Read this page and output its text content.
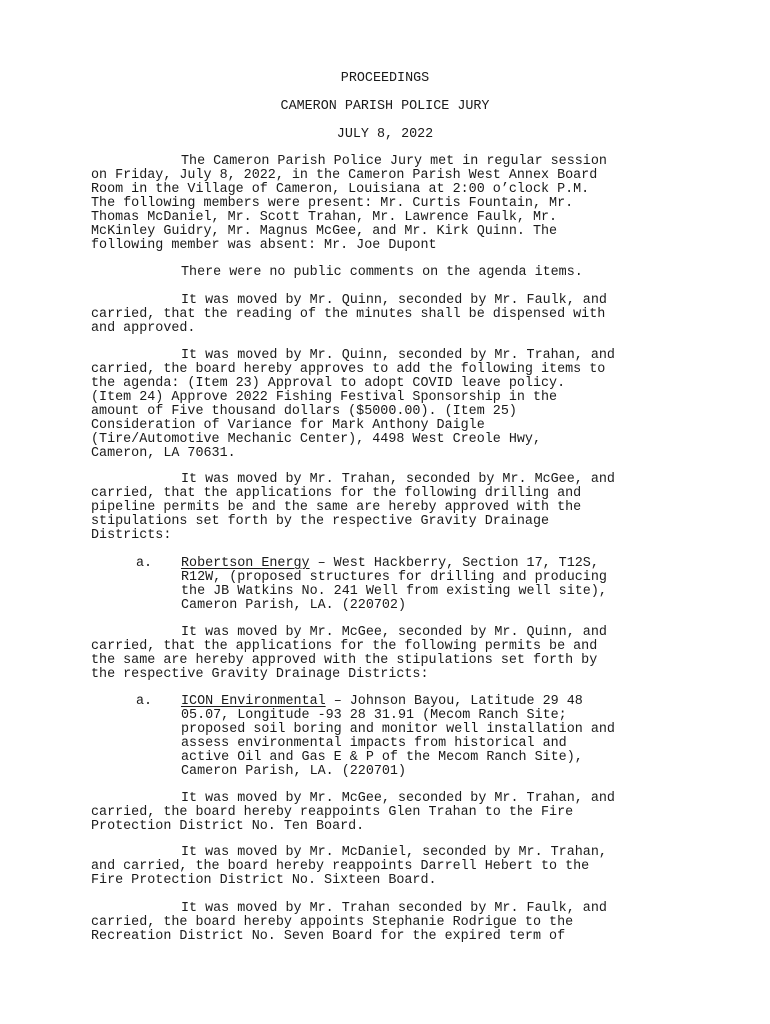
PROCEEDINGS
CAMERON PARISH POLICE JURY
JULY 8, 2022
The Cameron Parish Police Jury met in regular session
on Friday, July 8, 2022, in the Cameron Parish West Annex Board
Room in the Village of Cameron, Louisiana at 2:00 o’clock P.M.
The following members were present: Mr. Curtis Fountain, Mr.
Thomas McDaniel, Mr. Scott Trahan, Mr. Lawrence Faulk, Mr.
McKinley Guidry, Mr. Magnus McGee, and Mr. Kirk Quinn. The
following member was absent: Mr. Joe Dupont
There were no public comments on the agenda items.
It was moved by Mr. Quinn, seconded by Mr. Faulk, and
carried, that the reading of the minutes shall be dispensed with
and approved.
It was moved by Mr. Quinn, seconded by Mr. Trahan, and
carried, the board hereby approves to add the following items to
the agenda: (Item 23) Approval to adopt COVID leave policy.
(Item 24) Approve 2022 Fishing Festival Sponsorship in the
amount of Five thousand dollars ($5000.00). (Item 25)
Consideration of Variance for Mark Anthony Daigle
(Tire/Automotive Mechanic Center), 4498 West Creole Hwy,
Cameron, LA 70631.
It was moved by Mr. Trahan, seconded by Mr. McGee, and
carried, that the applications for the following drilling and
pipeline permits be and the same are hereby approved with the
stipulations set forth by the respective Gravity Drainage
Districts:
a. Robertson Energy – West Hackberry, Section 17, T12S,
R12W, (proposed structures for drilling and producing
the JB Watkins No. 241 Well from existing well site),
Cameron Parish, LA. (220702)
It was moved by Mr. McGee, seconded by Mr. Quinn, and
carried, that the applications for the following permits be and
the same are hereby approved with the stipulations set forth by
the respective Gravity Drainage Districts:
a. ICON Environmental – Johnson Bayou, Latitude 29 48
05.07, Longitude -93 28 31.91 (Mecom Ranch Site;
proposed soil boring and monitor well installation and
assess environmental impacts from historical and
active Oil and Gas E & P of the Mecom Ranch Site),
Cameron Parish, LA. (220701)
It was moved by Mr. McGee, seconded by Mr. Trahan, and
carried, the board hereby reappoints Glen Trahan to the Fire
Protection District No. Ten Board.
It was moved by Mr. McDaniel, seconded by Mr. Trahan,
and carried, the board hereby reappoints Darrell Hebert to the
Fire Protection District No. Sixteen Board.
It was moved by Mr. Trahan seconded by Mr. Faulk, and
carried, the board hereby appoints Stephanie Rodrigue to the
Recreation District No. Seven Board for the expired term of
